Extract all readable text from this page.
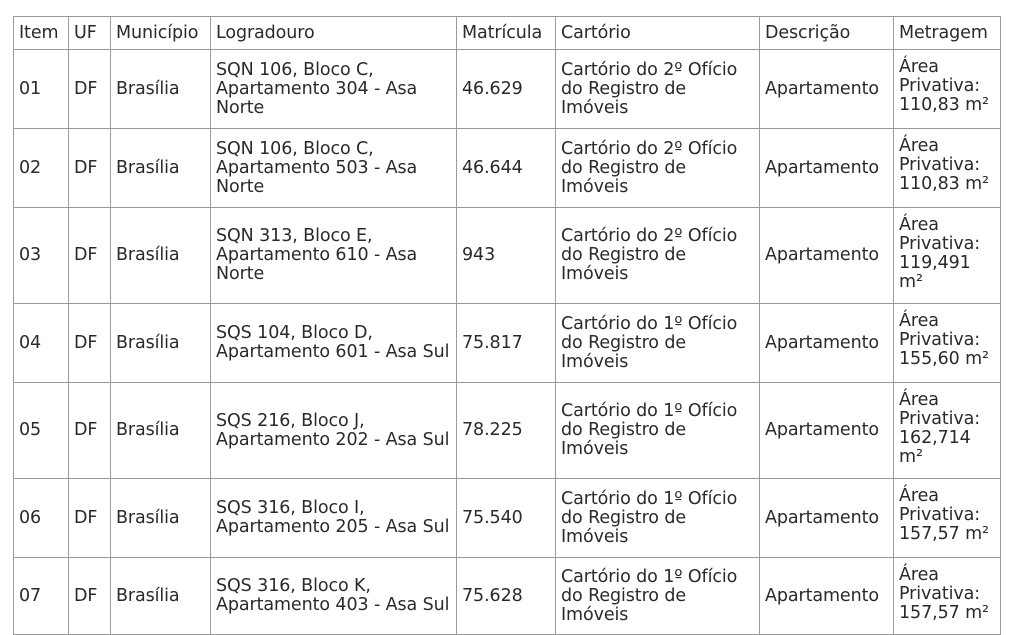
Item	UF	Município	Logradouro	Matrícula	Cartório	Descrição	Metragem
01	DF	Brasília	SQN 106, Bloco C, Apartamento 304 - Asa Norte	46.629	Cartório do 2º Ofício do Registro de Imóveis	Apartamento	Área Privativa: 110,83 m²
02	DF	Brasília	SQN 106, Bloco C, Apartamento 503 - Asa Norte	46.644	Cartório do 2º Ofício do Registro de Imóveis	Apartamento	Área Privativa: 110,83 m²
03	DF	Brasília	SQN 313, Bloco E, Apartamento 610 - Asa Norte	943	Cartório do 2º Ofício do Registro de Imóveis	Apartamento	Área Privativa: 119,491 m²
04	DF	Brasília	SQS 104, Bloco D, Apartamento 601 - Asa Sul	75.817	Cartório do 1º Ofício do Registro de Imóveis	Apartamento	Área Privativa: 155,60 m²
05	DF	Brasília	SQS 216, Bloco J, Apartamento 202 - Asa Sul	78.225	Cartório do 1º Ofício do Registro de Imóveis	Apartamento	Área Privativa: 162,714 m²
06	DF	Brasília	SQS 316, Bloco I, Apartamento 205 - Asa Sul	75.540	Cartório do 1º Ofício do Registro de Imóveis	Apartamento	Área Privativa: 157,57 m²
07	DF	Brasília	SQS 316, Bloco K, Apartamento 403 - Asa Sul	75.628	Cartório do 1º Ofício do Registro de Imóveis	Apartamento	Área Privativa: 157,57 m²
